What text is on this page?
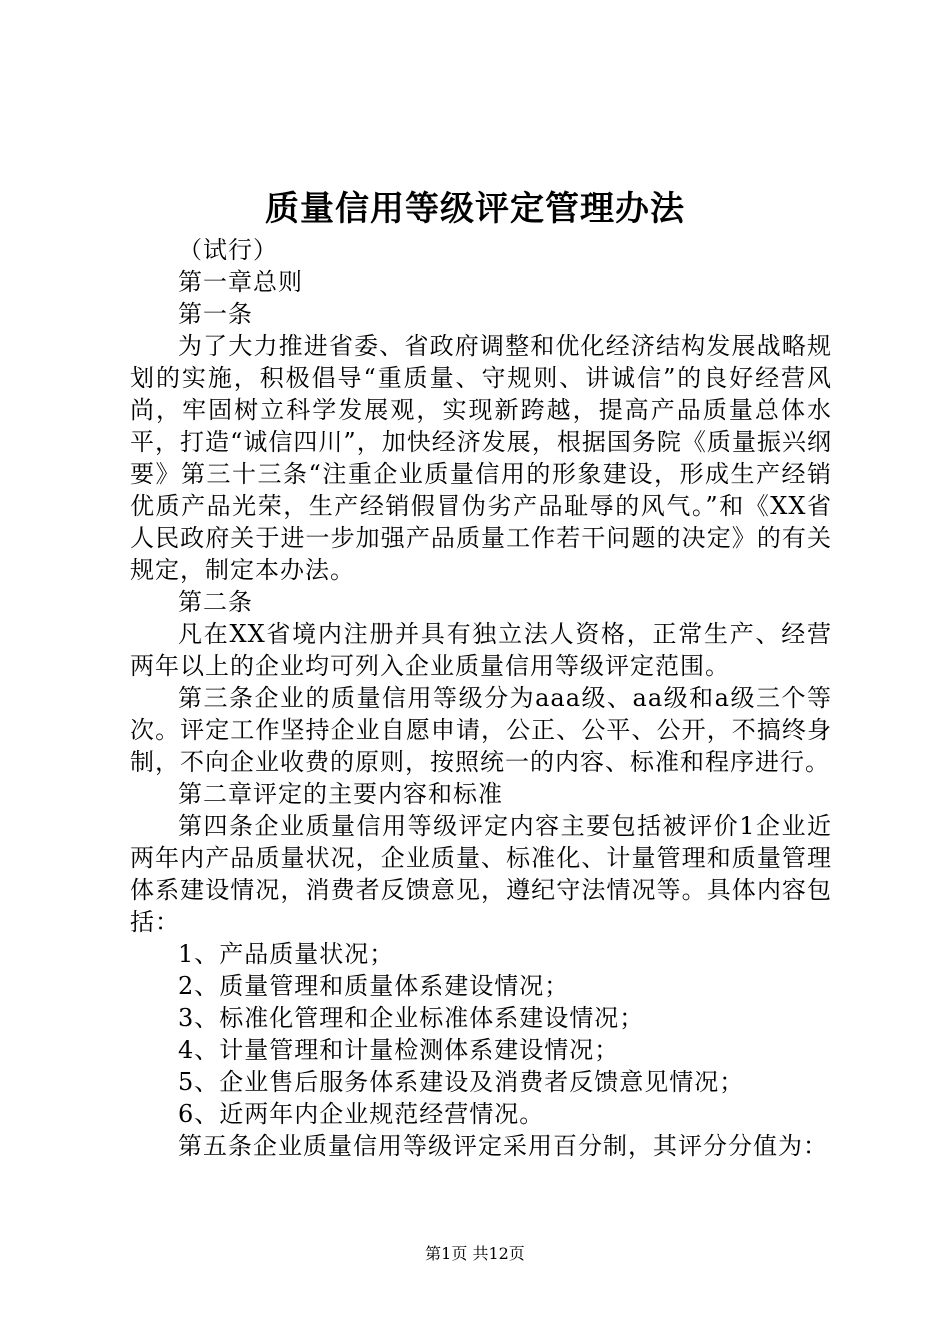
质量信用等级评定管理办法

（试行）

第一章总则

第一条

为了大力推进省委、省政府调整和优化经济结构发展战略规划的实施，积极倡导“重质量、守规则、讲诚信”的良好经营风尚，牢固树立科学发展观，实现新跨越，提高产品质量总体水平，打造“诚信四川”，加快经济发展，根据国务院《质量振兴纲要》第三十三条“注重企业质量信用的形象建设，形成生产经销优质产品光荣，生产经销假冒伪劣产品耻辱的风气。”和《XX省人民政府关于进一步加强产品质量工作若干问题的决定》的有关规定，制定本办法。

第二条

凡在XX省境内注册并具有独立法人资格，正常生产、经营两年以上的企业均可列入企业质量信用等级评定范围。

第三条企业的质量信用等级分为aaa级、aa级和a级三个等次。评定工作坚持企业自愿申请，公正、公平、公开，不搞终身制，不向企业收费的原则，按照统一的内容、标准和程序进行。

第二章评定的主要内容和标准

第四条企业质量信用等级评定内容主要包括被评价1企业近两年内产品质量状况，企业质量、标准化、计量管理和质量管理体系建设情况，消费者反馈意见，遵纪守法情况等。具体内容包括：

1、产品质量状况；

2、质量管理和质量体系建设情况；

3、标准化管理和企业标准体系建设情况；

4、计量管理和计量检测体系建设情况；

5、企业售后服务体系建设及消费者反馈意见情况；

6、近两年内企业规范经营情况。

第五条企业质量信用等级评定采用百分制，其评分分值为：

第1页 共12页
